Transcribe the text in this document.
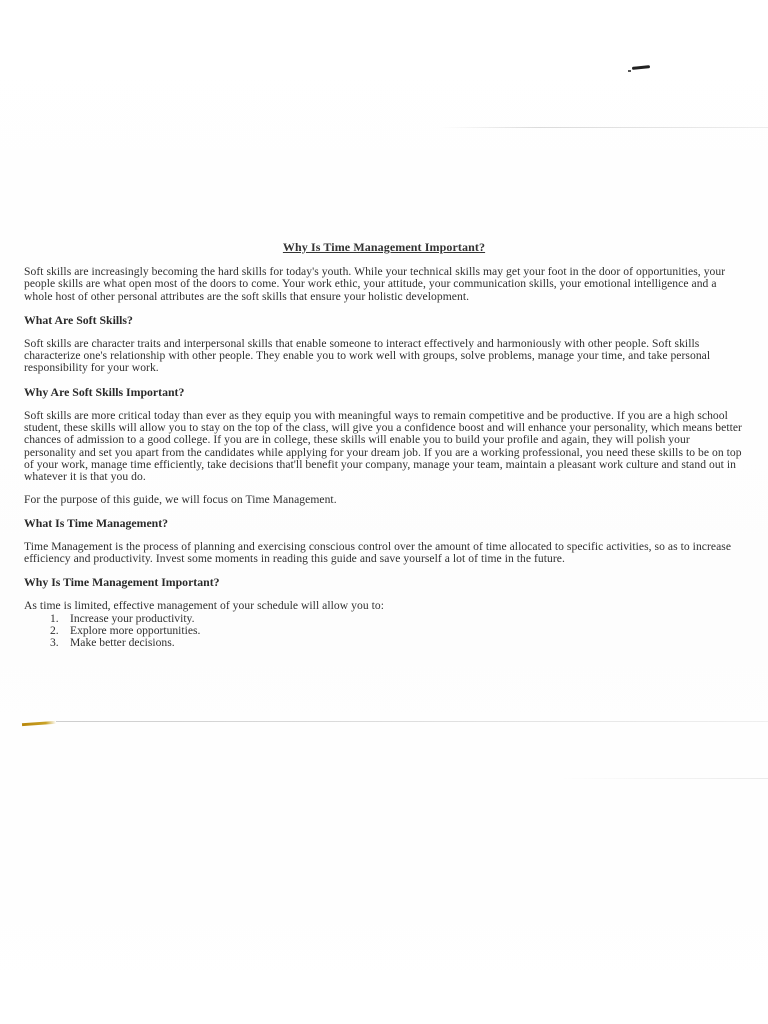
Why Is Time Management Important?

Soft skills are increasingly becoming the hard skills for today's youth. While your technical skills may get your foot in the door of opportunities, your people skills are what open most of the doors to come. Your work ethic, your attitude, your communication skills, your emotional intelligence and a whole host of other personal attributes are the soft skills that ensure your holistic development.

What Are Soft Skills?

Soft skills are character traits and interpersonal skills that enable someone to interact effectively and harmoniously with other people. Soft skills characterize one's relationship with other people. They enable you to work well with groups, solve problems, manage your time, and take personal responsibility for your work.

Why Are Soft Skills Important?

Soft skills are more critical today than ever as they equip you with meaningful ways to remain competitive and be productive. If you are a high school student, these skills will allow you to stay on the top of the class, will give you a confidence boost and will enhance your personality, which means better chances of admission to a good college. If you are in college, these skills will enable you to build your profile and again, they will polish your personality and set you apart from the candidates while applying for your dream job. If you are a working professional, you need these skills to be on top of your work, manage time efficiently, take decisions that'll benefit your company, manage your team, maintain a pleasant work culture and stand out in whatever it is that you do.

For the purpose of this guide, we will focus on Time Management.

What Is Time Management?

Time Management is the process of planning and exercising conscious control over the amount of time allocated to specific activities, so as to increase efficiency and productivity. Invest some moments in reading this guide and save yourself a lot of time in the future.

Why Is Time Management Important?

As time is limited, effective management of your schedule will allow you to:

1. Increase your productivity.
2. Explore more opportunities.
3. Make better decisions.
